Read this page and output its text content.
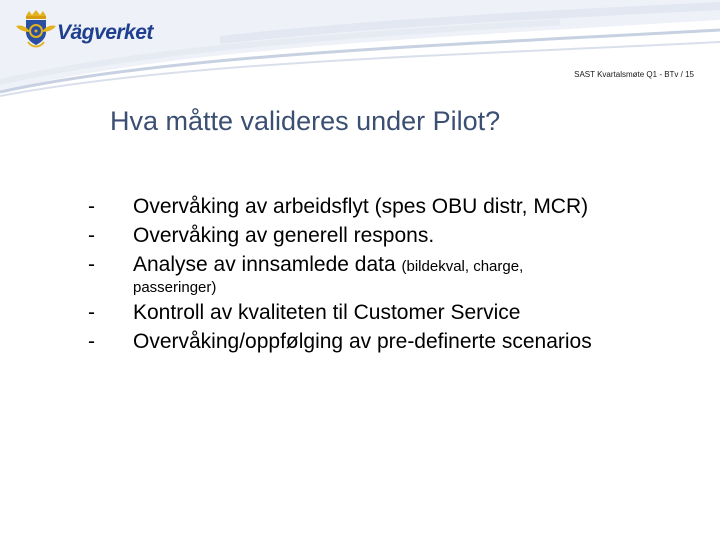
Vägverket
SAST Kvartalsmøte Q1 - BTv / 15
Hva måtte valideres under Pilot?
- Overvåking av arbeidsflyt (spes OBU distr, MCR)
- Overvåking av generell respons.
- Analyse av innsamlede data (bildekval, charge,
passeringer)
- Kontroll av kvaliteten til Customer Service
- Overvåking/oppfølging av pre-definerte scenarios
